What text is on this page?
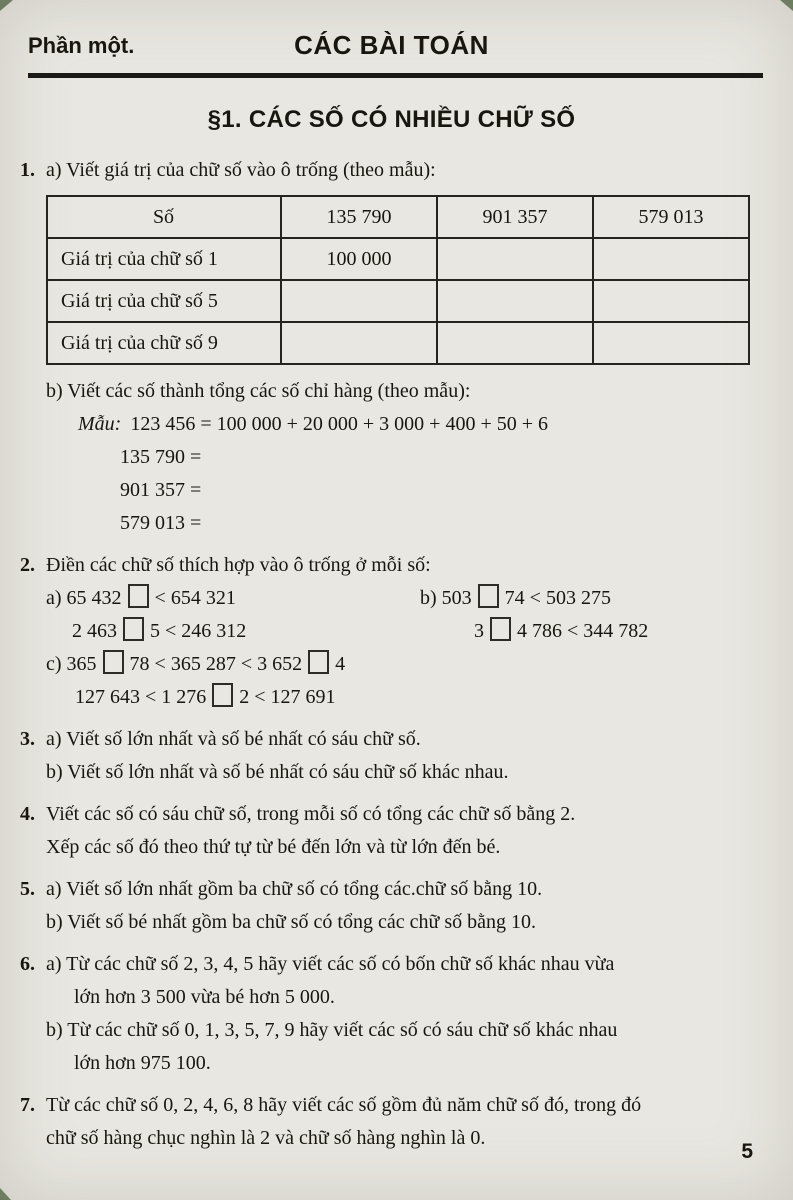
Phần một.	CÁC BÀI TOÁN
§1. CÁC SỐ CÓ NHIỀU CHỮ SỐ
1. a) Viết giá trị của chữ số vào ô trống (theo mẫu):
Số	135 790	901 357	579 013
Giá trị của chữ số 1	100 000		
Giá trị của chữ số 5			
Giá trị của chữ số 9			
b) Viết các số thành tổng các số chỉ hàng (theo mẫu):
Mẫu: 123 456 = 100 000 + 20 000 + 3 000 + 400 + 50 + 6
135 790 =
901 357 =
579 013 =
2. Điền các chữ số thích hợp vào ô trống ở mỗi số:
a) 65 432 < 654 321	b) 503 74 < 503 275
2 463 5 < 246 312	3 4 786 < 344 782
c) 365 78 < 365 287 < 3 652 4
127 643 < 1 276 2 < 127 691
3. a) Viết số lớn nhất và số bé nhất có sáu chữ số.
b) Viết số lớn nhất và số bé nhất có sáu chữ số khác nhau.
4. Viết các số có sáu chữ số, trong mỗi số có tổng các chữ số bằng 2.
Xếp các số đó theo thứ tự từ bé đến lớn và từ lớn đến bé.
5. a) Viết số lớn nhất gồm ba chữ số có tổng các.chữ số bằng 10.
b) Viết số bé nhất gồm ba chữ số có tổng các chữ số bằng 10.
6. a) Từ các chữ số 2, 3, 4, 5 hãy viết các số có bốn chữ số khác nhau vừa
lớn hơn 3 500 vừa bé hơn 5 000.
b) Từ các chữ số 0, 1, 3, 5, 7, 9 hãy viết các số có sáu chữ số khác nhau
lớn hơn 975 100.
7. Từ các chữ số 0, 2, 4, 6, 8 hãy viết các số gồm đủ năm chữ số đó, trong đó
chữ số hàng chục nghìn là 2 và chữ số hàng nghìn là 0.
5
